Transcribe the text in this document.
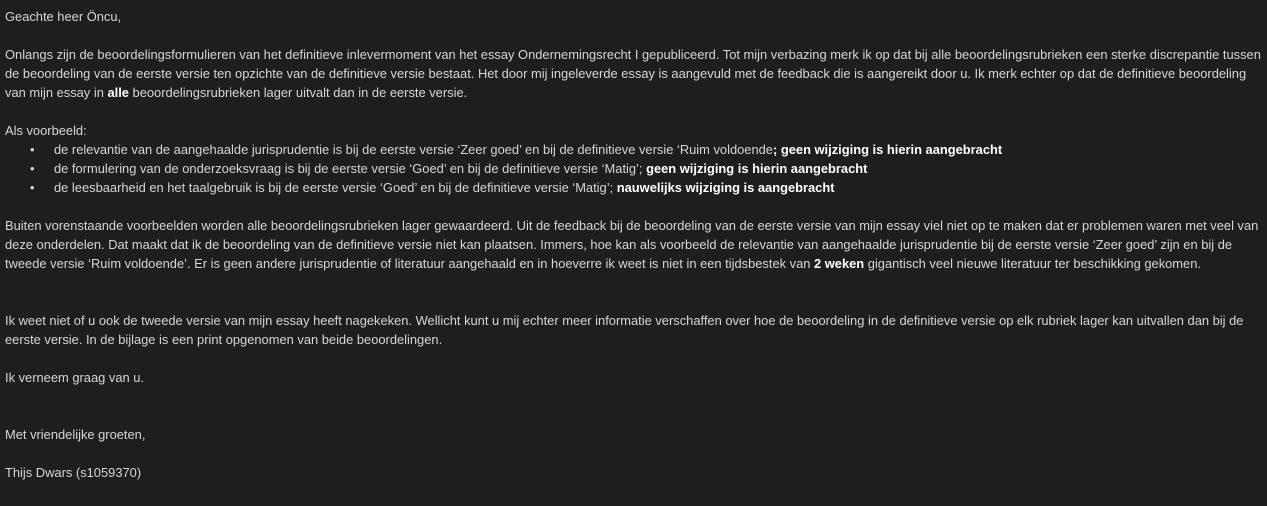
Geachte heer Öncu,

Onlangs zijn de beoordelingsformulieren van het definitieve inlevermoment van het essay Ondernemingsrecht I gepubliceerd. Tot mijn verbazing merk ik op dat bij alle beoordelingsrubrieken een sterke discrepantie tussen de beoordeling van de eerste versie ten opzichte van de definitieve versie bestaat. Het door mij ingeleverde essay is aangevuld met de feedback die is aangereikt door u. Ik merk echter op dat de definitieve beoordeling van mijn essay in alle beoordelingsrubrieken lager uitvalt dan in de eerste versie.

Als voorbeeld:

• de relevantie van de aangehaalde jurisprudentie is bij de eerste versie ‘Zeer goed’ en bij de definitieve versie ‘Ruim voldoende; geen wijziging is hierin aangebracht
• de formulering van de onderzoeksvraag is bij de eerste versie ‘Goed’ en bij de definitieve versie ‘Matig’; geen wijziging is hierin aangebracht
• de leesbaarheid en het taalgebruik is bij de eerste versie ‘Goed’ en bij de definitieve versie ‘Matig’; nauwelijks wijziging is aangebracht

Buiten vorenstaande voorbeelden worden alle beoordelingsrubrieken lager gewaardeerd. Uit de feedback bij de beoordeling van de eerste versie van mijn essay viel niet op te maken dat er problemen waren met veel van deze onderdelen. Dat maakt dat ik de beoordeling van de definitieve versie niet kan plaatsen. Immers, hoe kan als voorbeeld de relevantie van aangehaalde jurisprudentie bij de eerste versie ‘Zeer goed’ zijn en bij de tweede versie ‘Ruim voldoende’. Er is geen andere jurisprudentie of literatuur aangehaald en in hoeverre ik weet is niet in een tijdsbestek van 2 weken gigantisch veel nieuwe literatuur ter beschikking gekomen.

Ik weet niet of u ook de tweede versie van mijn essay heeft nagekeken. Wellicht kunt u mij echter meer informatie verschaffen over hoe de beoordeling in de definitieve versie op elk rubriek lager kan uitvallen dan bij de eerste versie. In de bijlage is een print opgenomen van beide beoordelingen.

Ik verneem graag van u.

Met vriendelijke groeten,

Thijs Dwars (s1059370)
